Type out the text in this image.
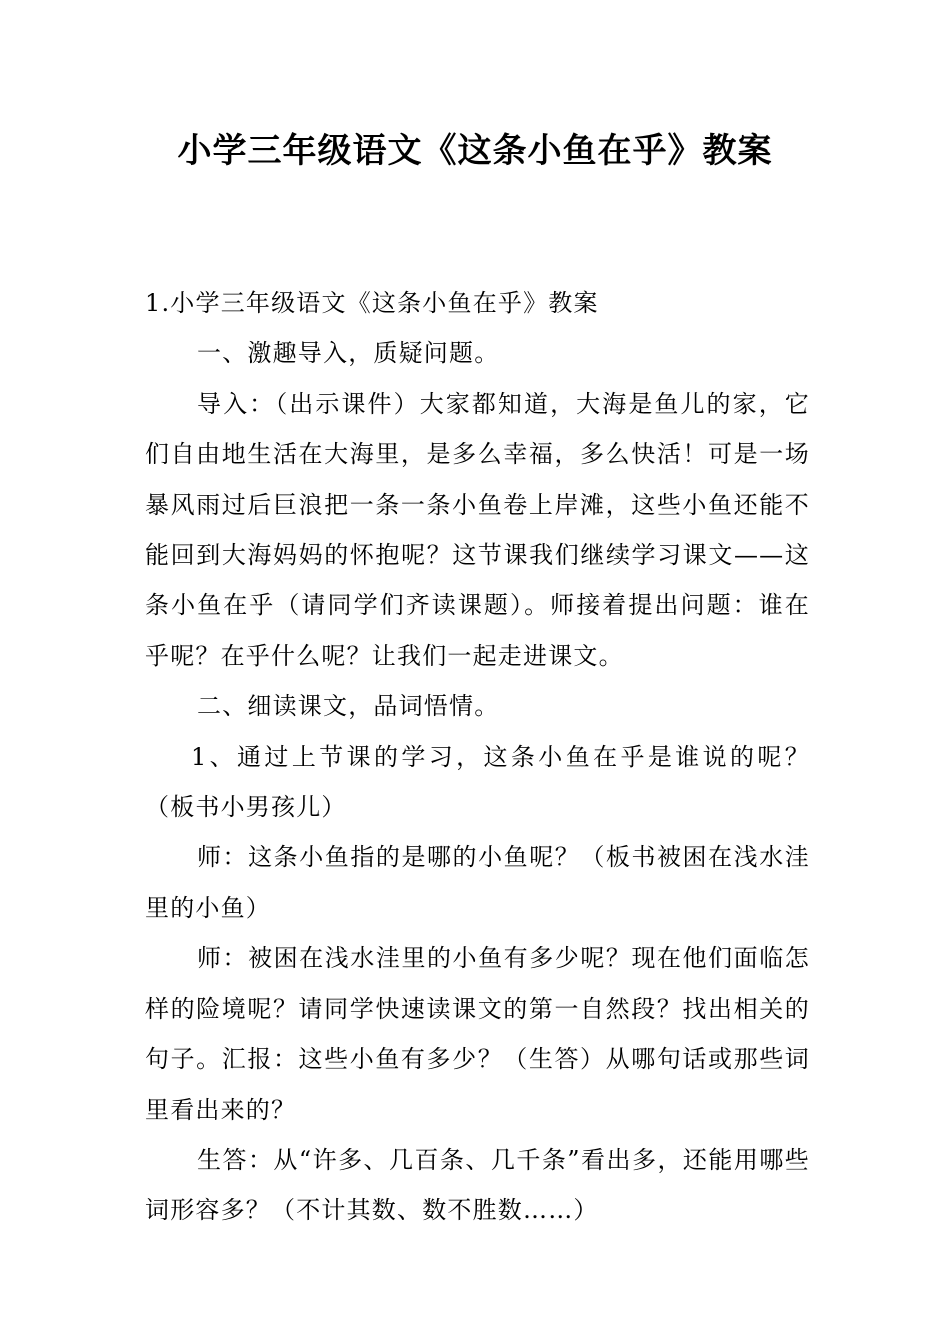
小学三年级语文《这条小鱼在乎》教案

1.小学三年级语文《这条小鱼在乎》教案

一、激趣导入，质疑问题。

导入：（出示课件）大家都知道，大海是鱼儿的家，它们自由地生活在大海里，是多么幸福，多么快活！可是一场暴风雨过后巨浪把一条一条小鱼卷上岸滩，这些小鱼还能不能回到大海妈妈的怀抱呢？这节课我们继续学习课文——这条小鱼在乎（请同学们齐读课题）。师接着提出问题：谁在乎呢？在乎什么呢？让我们一起走进课文。

二、细读课文，品词悟情。

1、通过上节课的学习，这条小鱼在乎是谁说的呢？（板书小男孩儿）

师：这条小鱼指的是哪的小鱼呢？（板书被困在浅水洼里的小鱼）

师：被困在浅水洼里的小鱼有多少呢？现在他们面临怎样的险境呢？请同学快速读课文的第一自然段？找出相关的句子。汇报：这些小鱼有多少？（生答）从哪句话或那些词里看出来的？

生答：从“许多、几百条、几千条”看出多，还能用哪些词形容多？（不计其数、数不胜数……）
